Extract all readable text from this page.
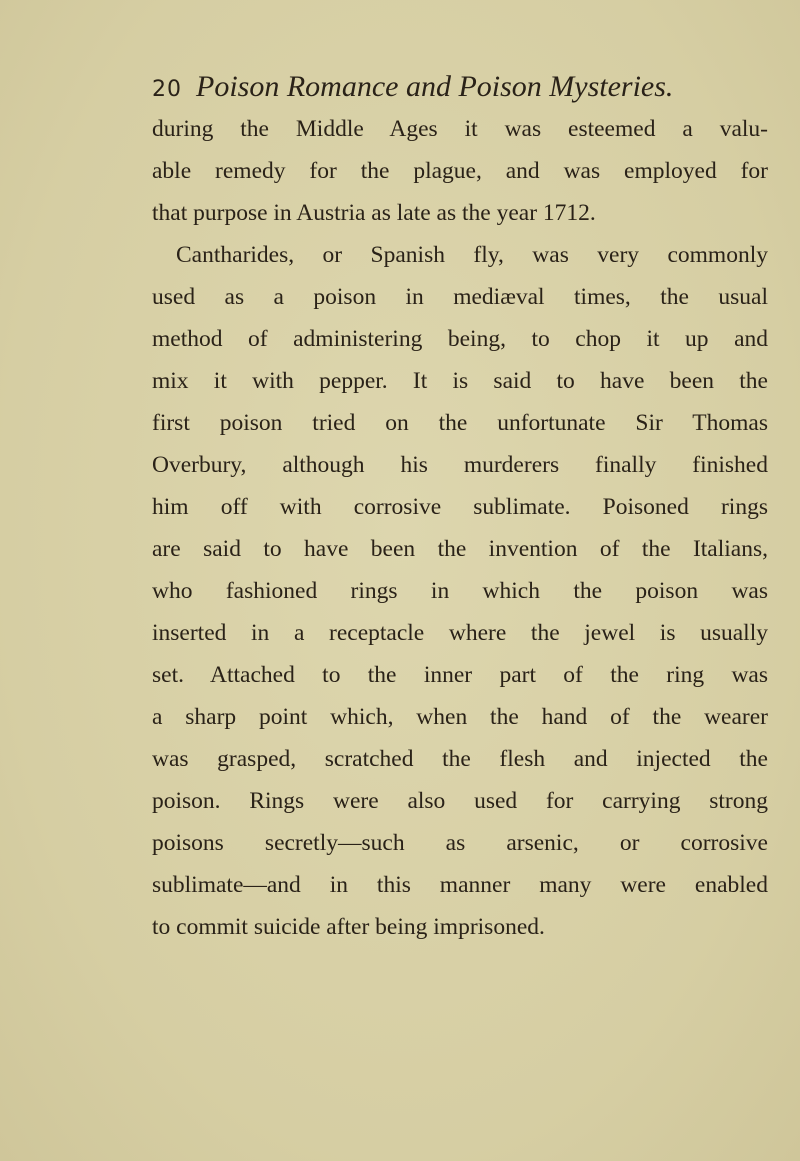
20 Poison Romance and Poison Mysteries.
during the Middle Ages it was esteemed a valu-
able remedy for the plague, and was employed for
that purpose in Austria as late as the year 1712.
Cantharides, or Spanish fly, was very commonly
used as a poison in mediæval times, the usual
method of administering being, to chop it up and
mix it with pepper. It is said to have been the
first poison tried on the unfortunate Sir Thomas
Overbury, although his murderers finally finished
him off with corrosive sublimate. Poisoned rings
are said to have been the invention of the Italians,
who fashioned rings in which the poison was
inserted in a receptacle where the jewel is usually
set. Attached to the inner part of the ring was
a sharp point which, when the hand of the wearer
was grasped, scratched the flesh and injected the
poison. Rings were also used for carrying strong
poisons secretly—such as arsenic, or corrosive
sublimate—and in this manner many were enabled
to commit suicide after being imprisoned.
